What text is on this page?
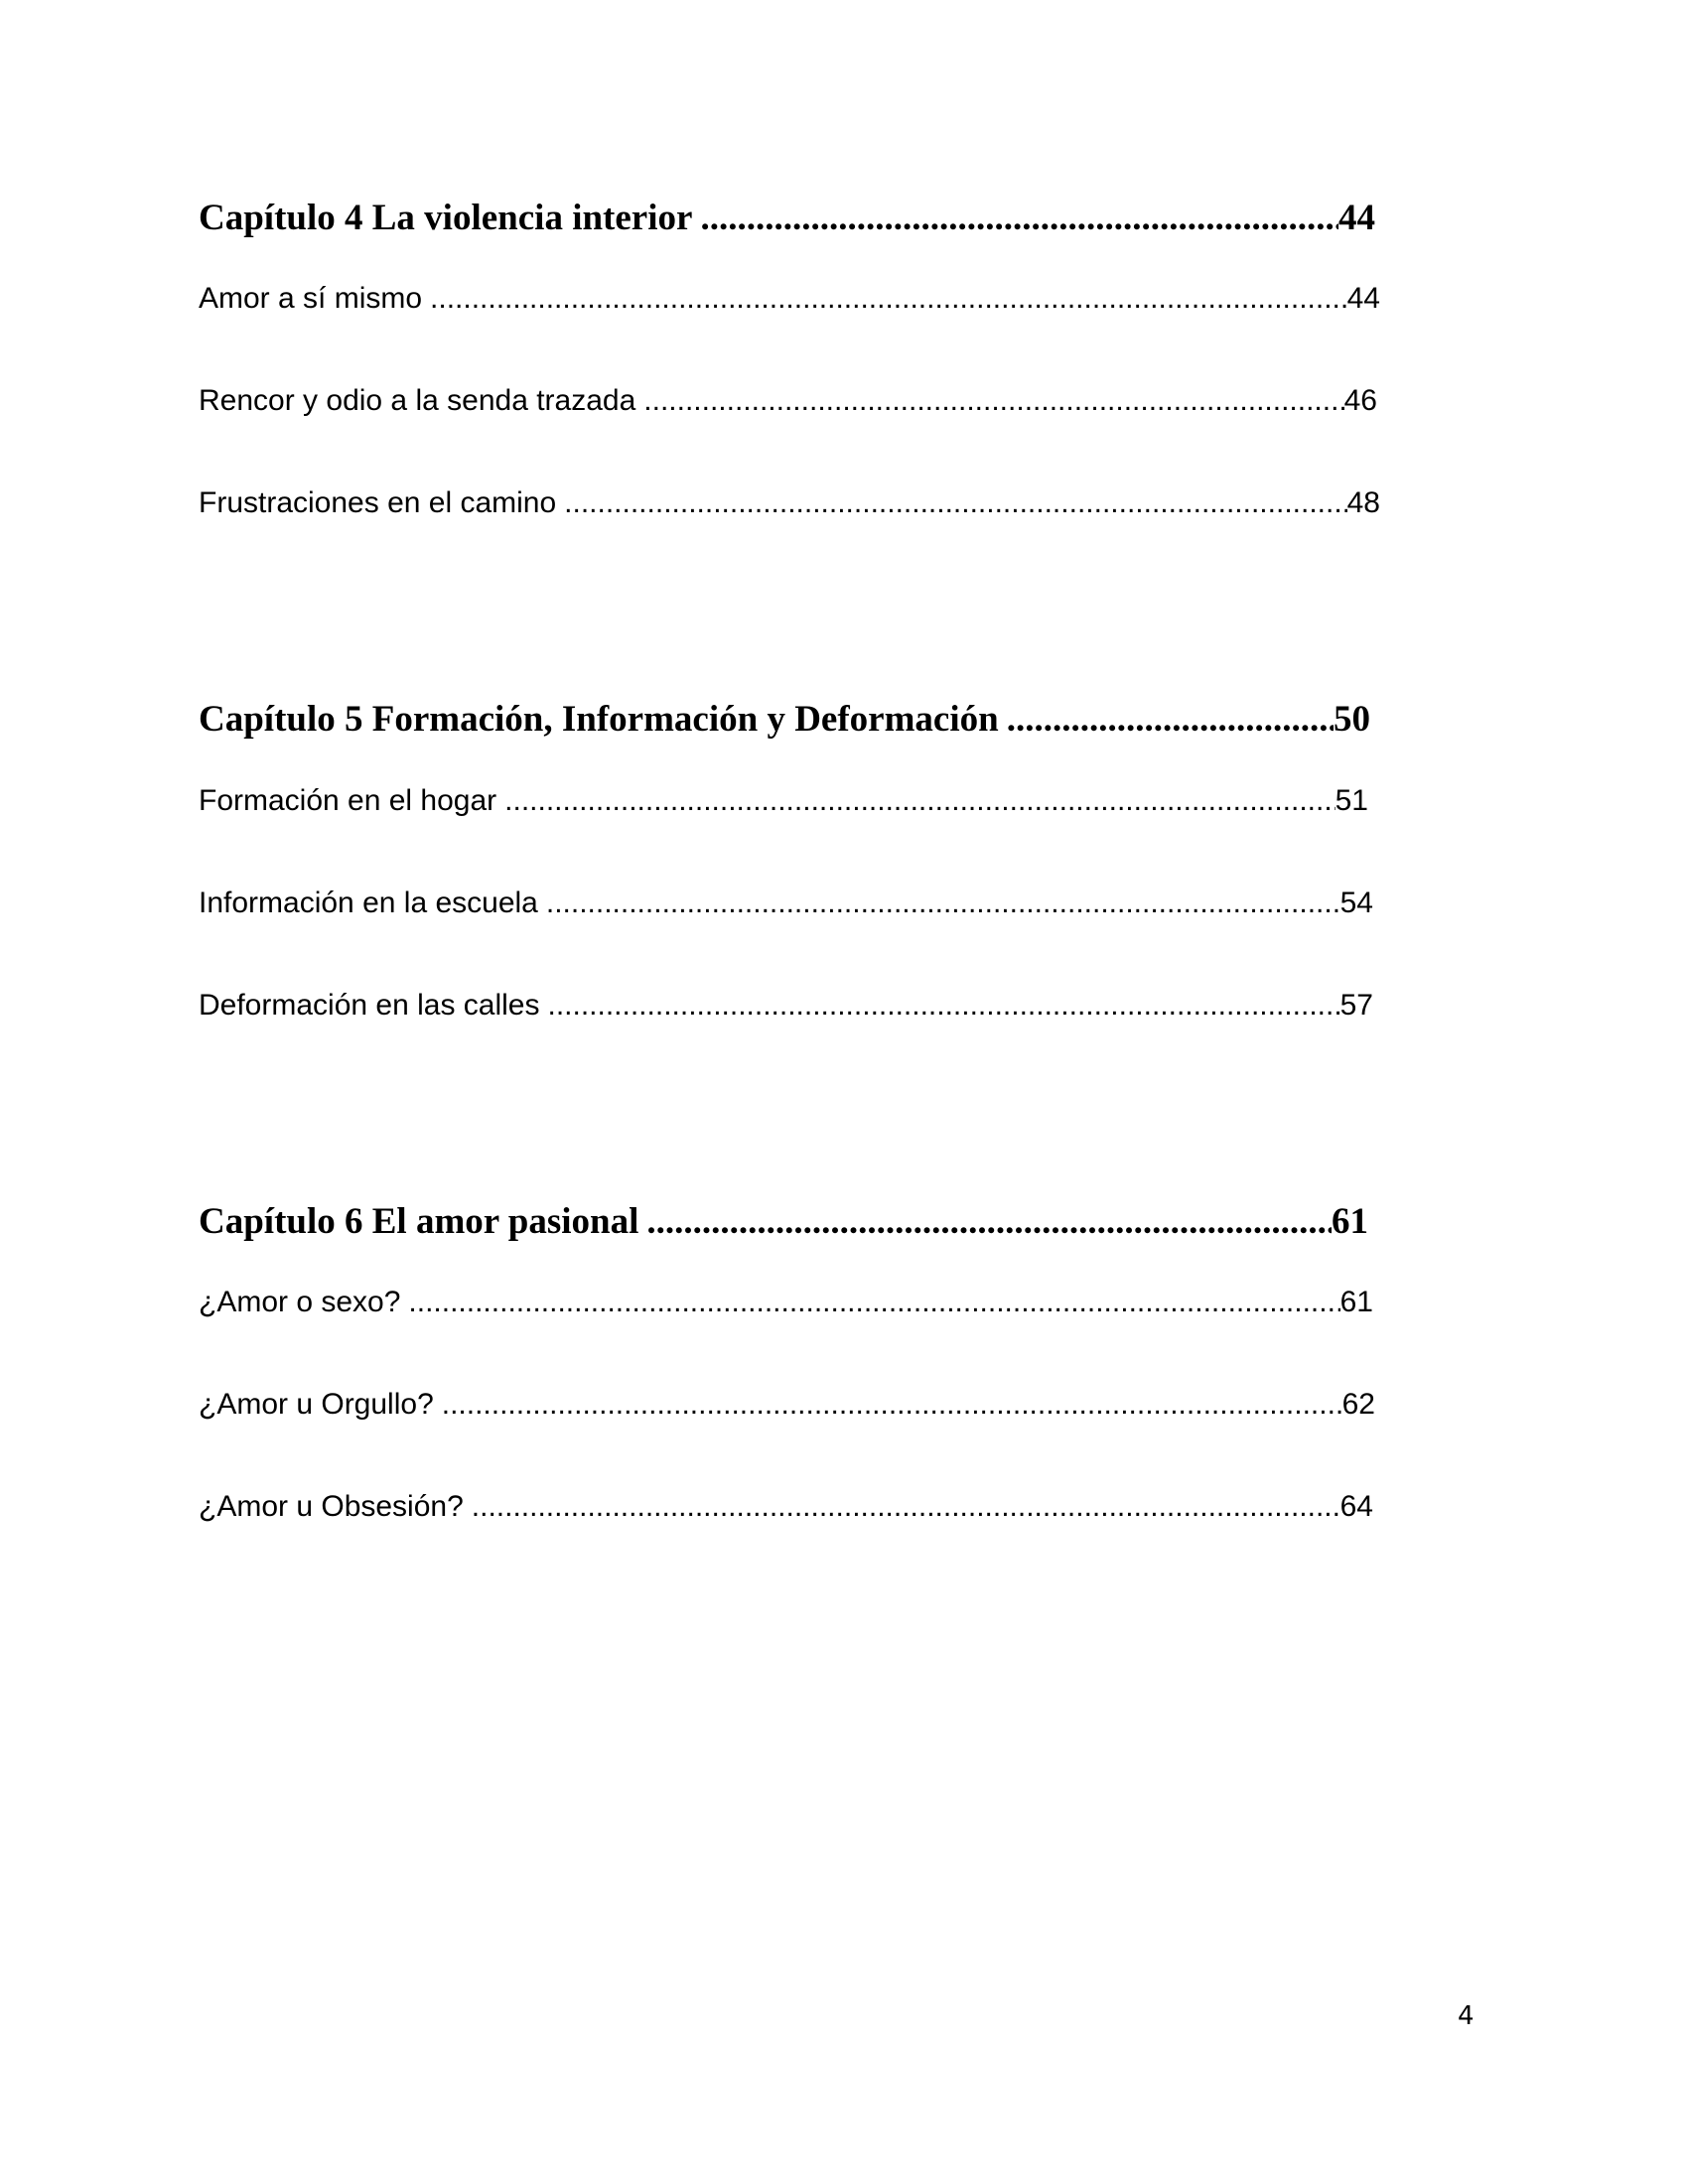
Capítulo 4 La violencia interior .....	44
Amor a sí mismo .....	44
Rencor y odio a la senda trazada .....	46
Frustraciones en el camino .....	48
Capítulo 5 Formación, Información y Deformación .....	50
Formación en el hogar .....	51
Información en la escuela .....	54
Deformación en las calles .....	57
Capítulo 6 El amor pasional .....	61
¿Amor o sexo? .....	61
¿Amor u Orgullo? .....	62
¿Amor u Obsesión? .....	64
4
